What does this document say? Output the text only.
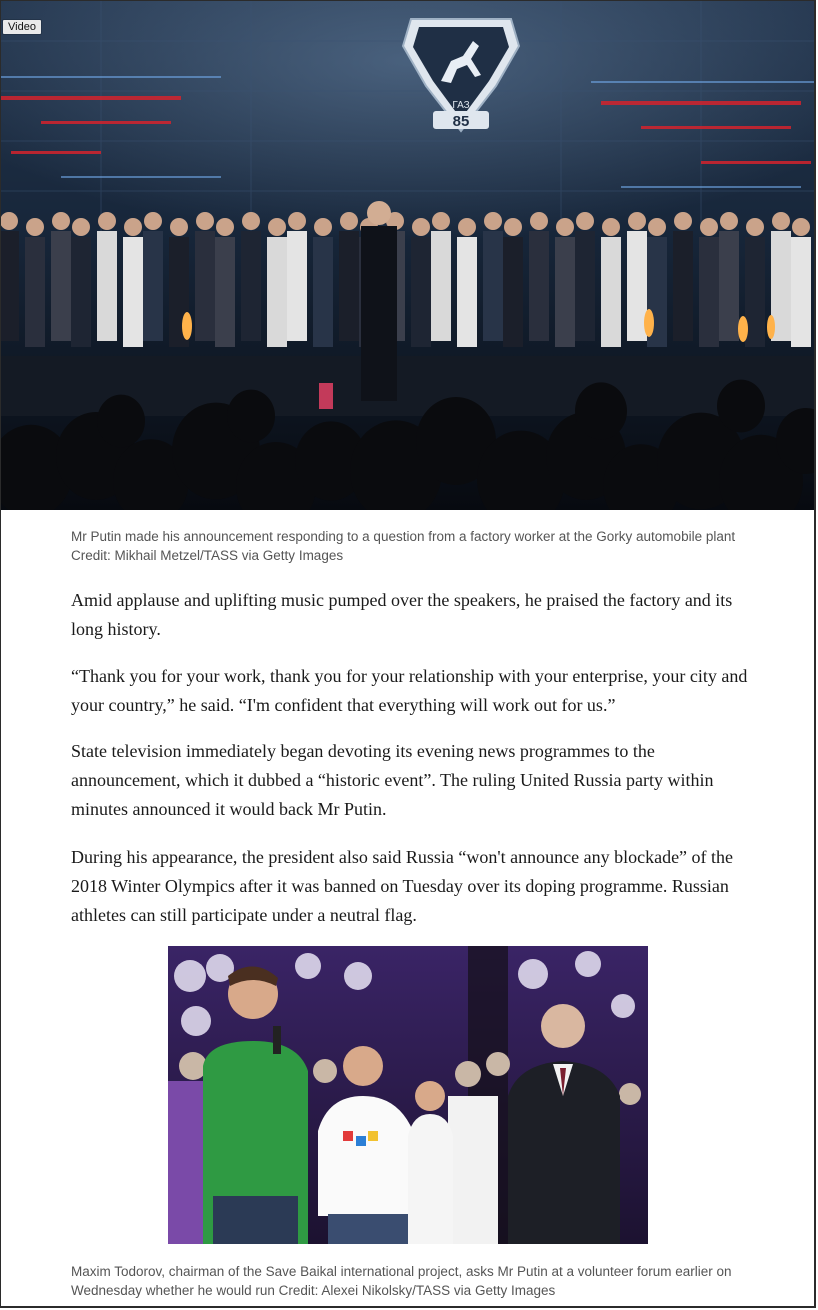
ГАЗ
85
Video
Mr Putin made his announcement responding to a question from a factory worker at the Gorky automobile plant Credit: Mikhail Metzel/TASS via Getty Images

Amid applause and uplifting music pumped over the speakers, he praised the factory and its long history.

“Thank you for your work, thank you for your relationship with your enterprise, your city and your country,” he said. “I'm confident that everything will work out for us.”

State television immediately began devoting its evening news programmes to the announcement, which it dubbed a “historic event”. The ruling United Russia party within minutes announced it would back Mr Putin.

During his appearance, the president also said Russia “won't announce any blockade” of the 2018 Winter Olympics after it was banned on Tuesday over its doping programme. Russian athletes can still participate under a neutral flag.

Maxim Todorov, chairman of the Save Baikal international project, asks Mr Putin at a volunteer forum earlier on Wednesday whether he would run Credit: Alexei Nikolsky/TASS via Getty Images
